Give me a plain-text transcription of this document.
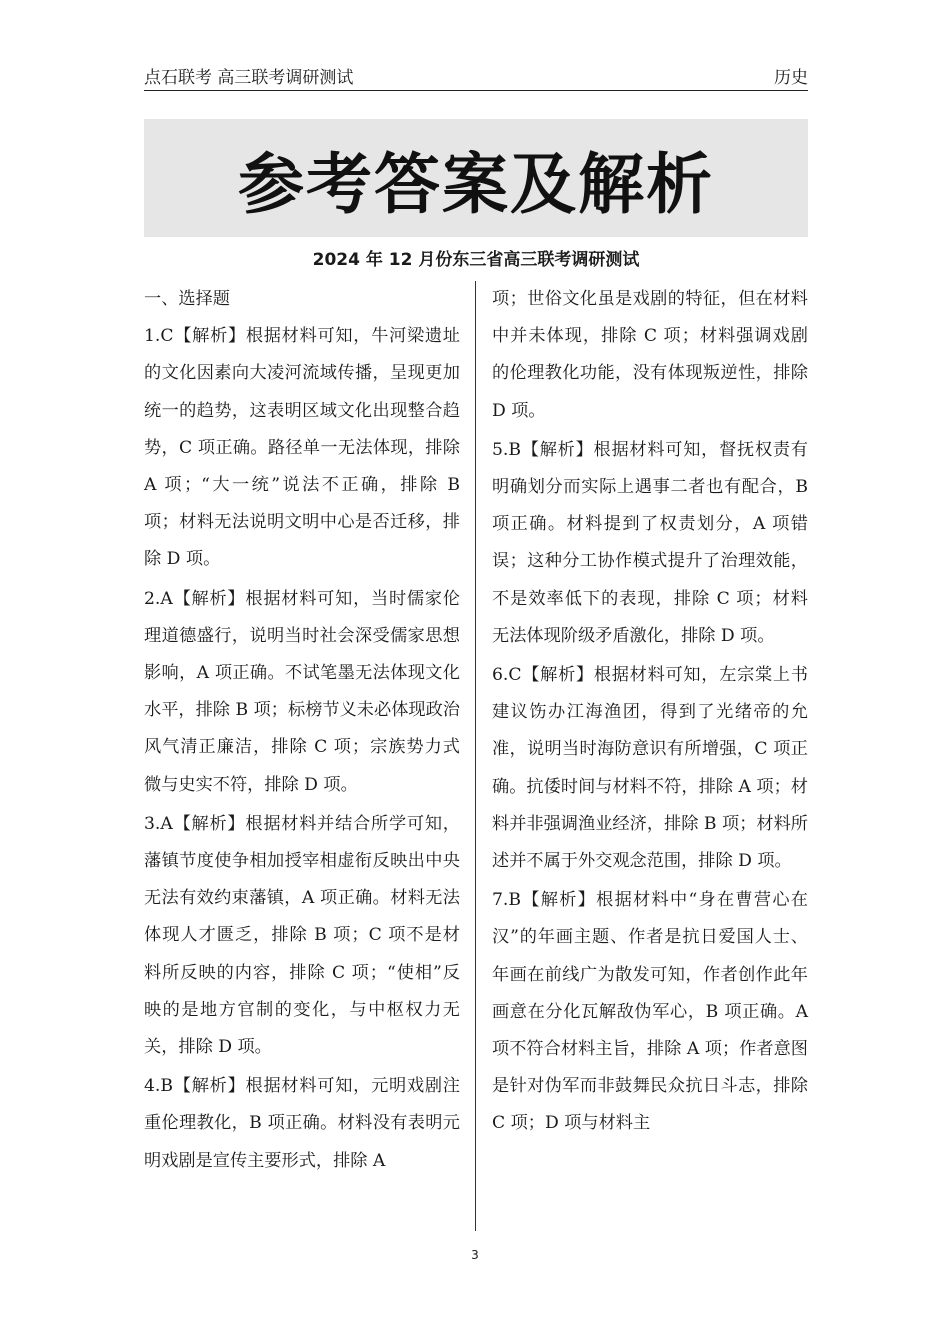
点石联考 高三联考调研测试	历史
参考答案及解析
2024 年 12 月份东三省高三联考调研测试

一、选择题

1.C【解析】根据材料可知，牛河梁遗址的文化因素向大凌河流域传播，呈现更加统一的趋势，这表明区域文化出现整合趋势，C 项正确。路径单一无法体现，排除 A 项；“大一统”说法不正确，排除 B 项；材料无法说明文明中心是否迁移，排除 D 项。

2.A【解析】根据材料可知，当时儒家伦理道德盛行，说明当时社会深受儒家思想影响，A 项正确。不试笔墨无法体现文化水平，排除 B 项；标榜节义未必体现政治风气清正廉洁，排除 C 项；宗族势力式微与史实不符，排除 D 项。

3.A【解析】根据材料并结合所学可知，藩镇节度使争相加授宰相虚衔反映出中央无法有效约束藩镇，A 项正确。材料无法体现人才匮乏，排除 B 项；C 项不是材料所反映的内容，排除 C 项；“使相”反映的是地方官制的变化，与中枢权力无关，排除 D 项。

4.B【解析】根据材料可知，元明戏剧注重伦理教化，B 项正确。材料没有表明元明戏剧是宣传主要形式，排除 A

项；世俗文化虽是戏剧的特征，但在材料中并未体现，排除 C 项；材料强调戏剧的伦理教化功能，没有体现叛逆性，排除 D 项。

5.B【解析】根据材料可知，督抚权责有明确划分而实际上遇事二者也有配合，B 项正确。材料提到了权责划分，A 项错误；这种分工协作模式提升了治理效能，不是效率低下的表现，排除 C 项；材料无法体现阶级矛盾激化，排除 D 项。

6.C【解析】根据材料可知，左宗棠上书建议饬办江海渔团，得到了光绪帝的允准，说明当时海防意识有所增强，C 项正确。抗倭时间与材料不符，排除 A 项；材料并非强调渔业经济，排除 B 项；材料所述并不属于外交观念范围，排除 D 项。

7.B【解析】根据材料中“身在曹营心在汉”的年画主题、作者是抗日爱国人士、年画在前线广为散发可知，作者创作此年画意在分化瓦解敌伪军心，B 项正确。A 项不符合材料主旨，排除 A 项；作者意图是针对伪军而非鼓舞民众抗日斗志，排除 C 项；D 项与材料主

3
